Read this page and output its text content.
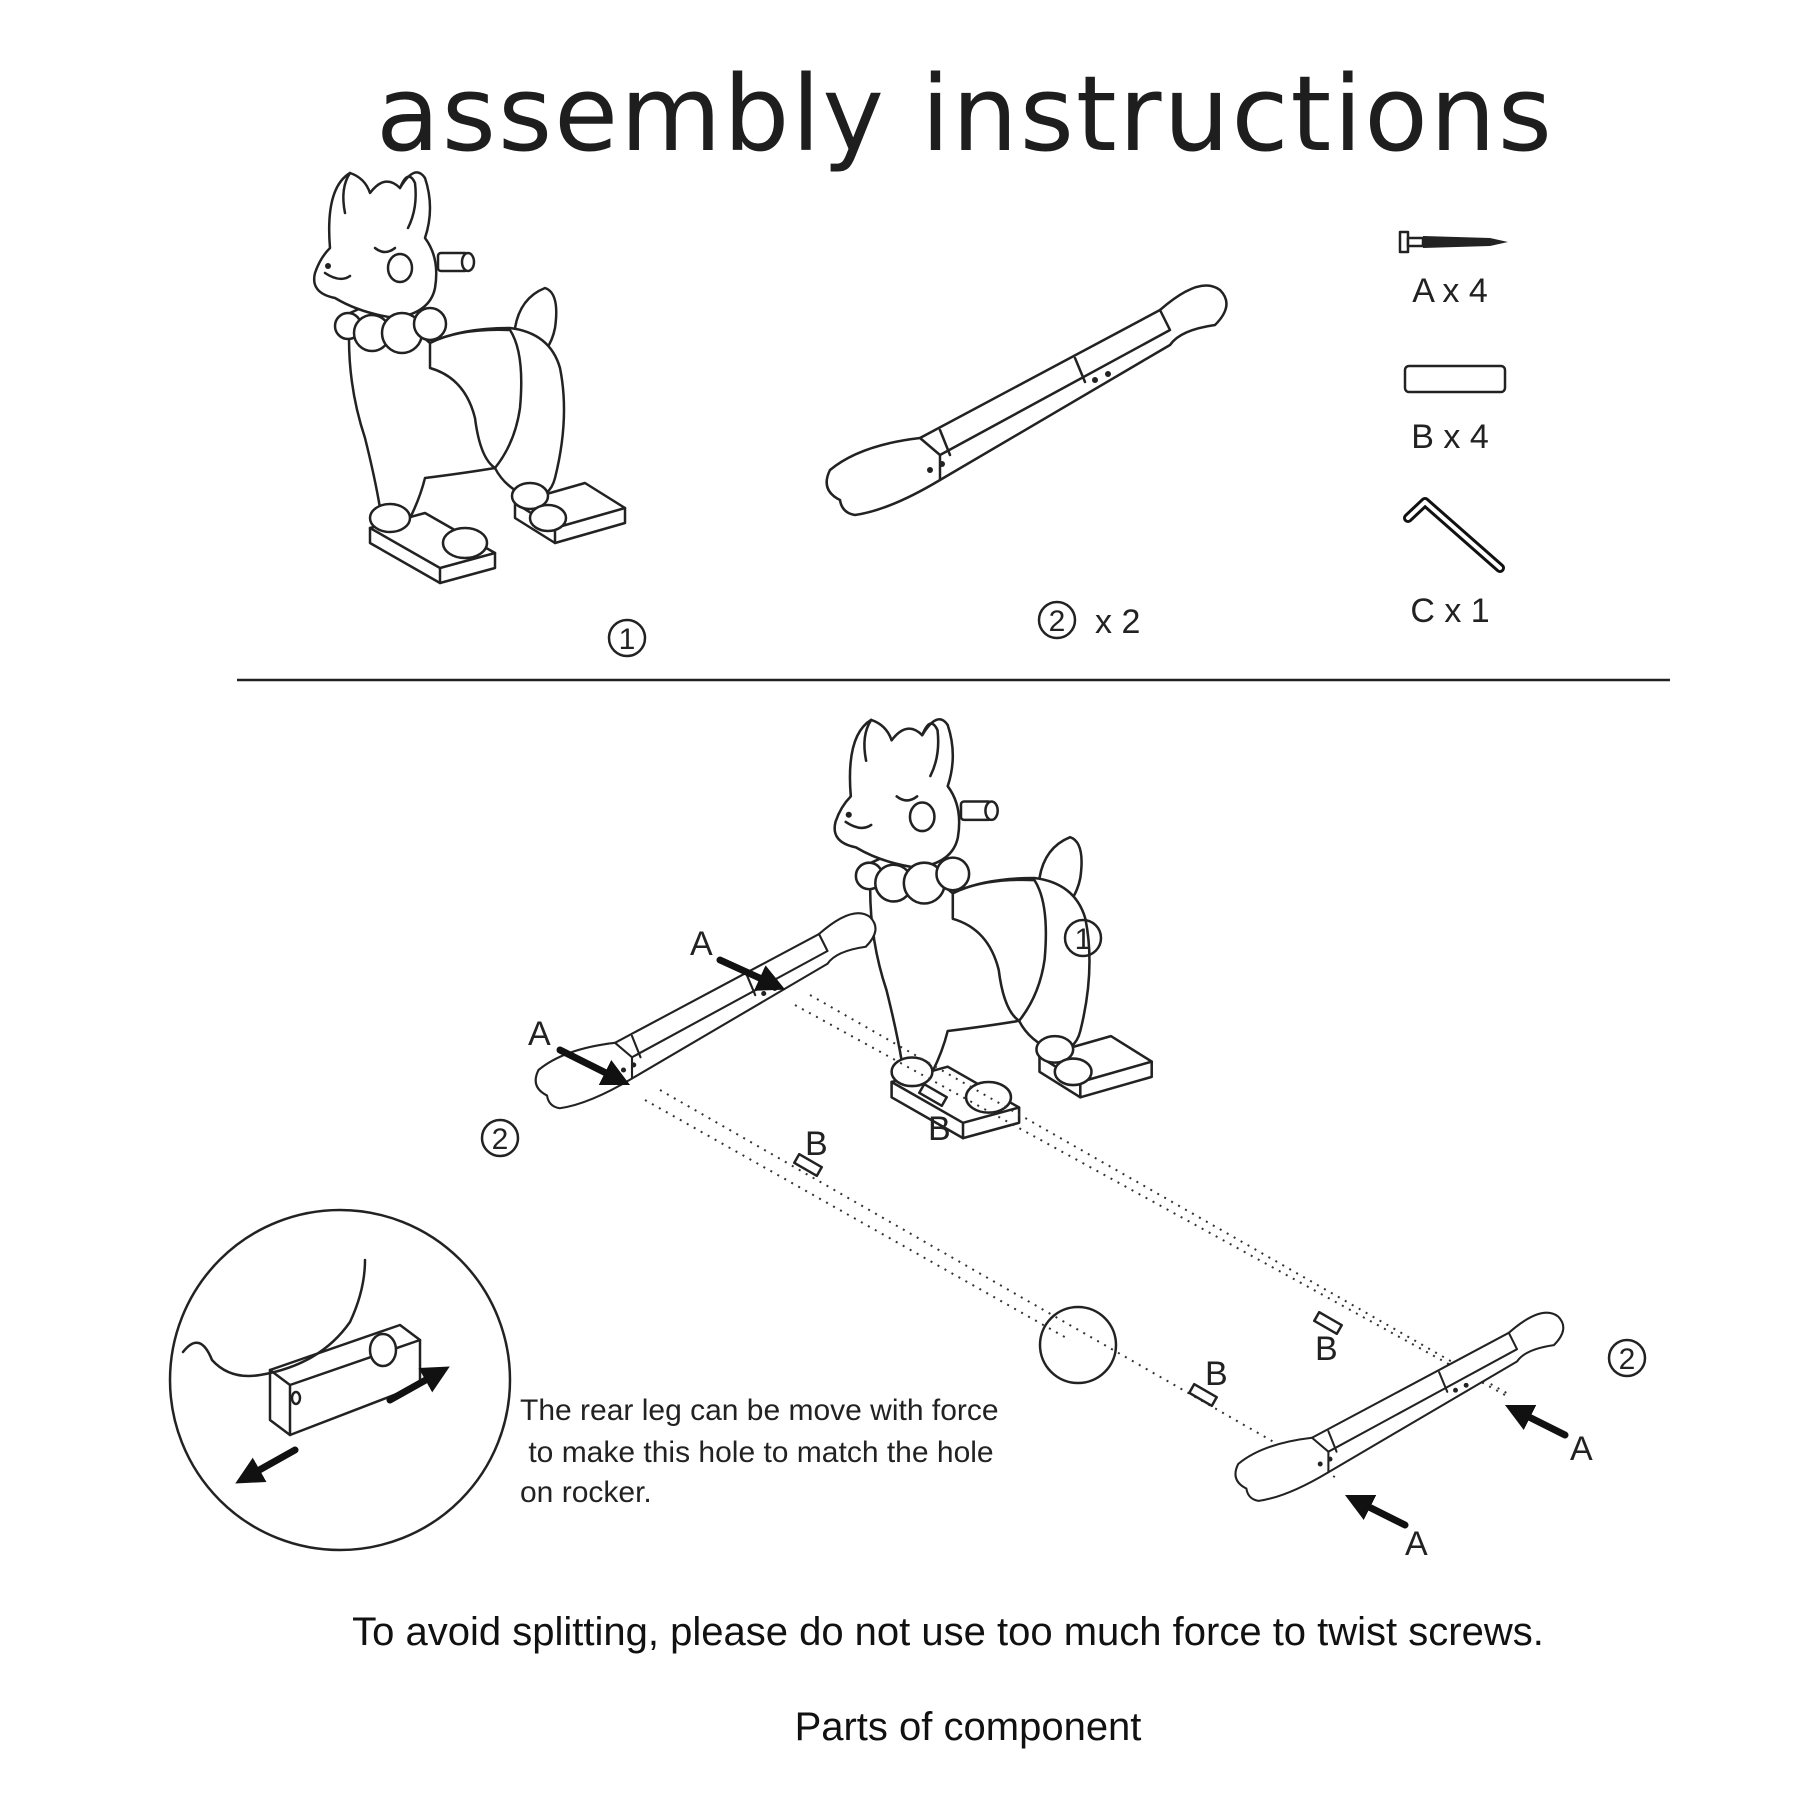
assembly instructions
1
2 x 2
A x 4
B x 4
C x 1
B	B
B
B
A
A
A
A
1
2
2
The rear leg can be move with force
to make this hole to match the hole
on rocker.
To avoid splitting, please do not use too much force to twist screws.
Parts of component
